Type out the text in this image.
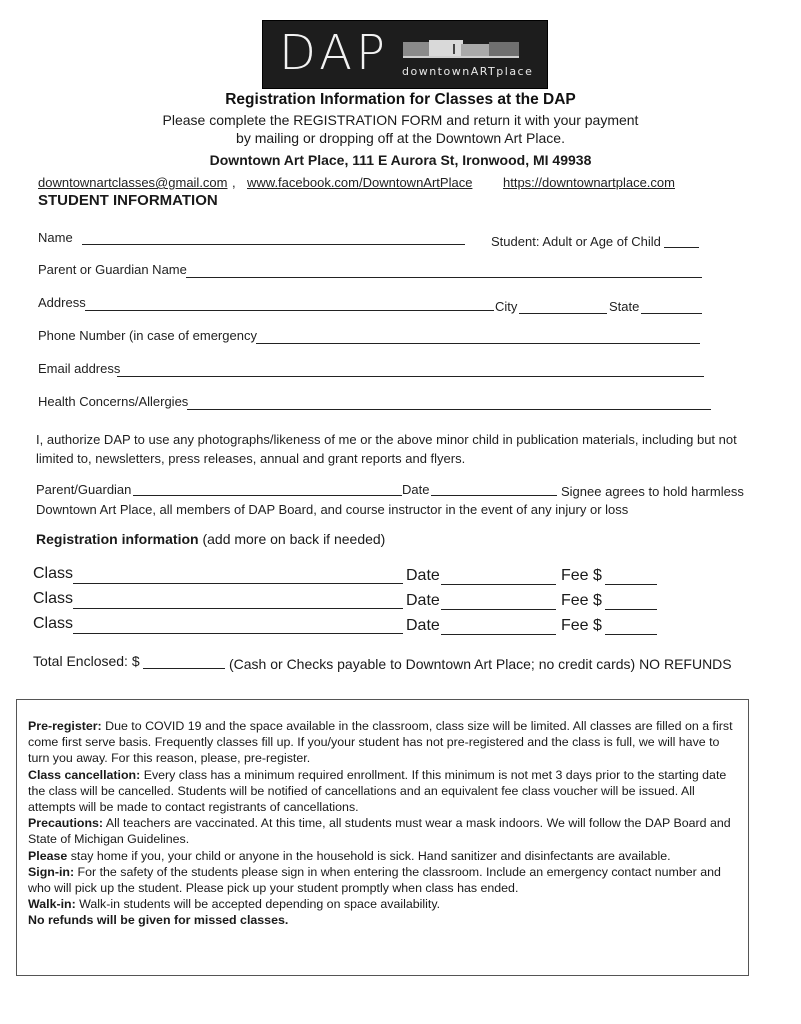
DAP downtownARTplace
Registration Information for Classes at the DAP
Please complete the REGISTRATION FORM and return it with your payment
by mailing or dropping off at the Downtown Art Place.
Downtown Art Place, 111 E Aurora St, Ironwood, MI 49938
downtownartclasses@gmail.com , www.facebook.com/DowntownArtPlace https://downtownartplace.com
STUDENT INFORMATION
Name	Student: Adult or Age of Child
Parent or Guardian Name
Address	City	State
Phone Number (in case of emergency
Email address
Health Concerns/Allergies
I, authorize DAP to use any photographs/likeness of me or the above minor child in publication materials, including but not
limited to, newsletters, press releases, annual and grant reports and flyers.
Parent/Guardian	Date	Signee agrees to hold harmless
Downtown Art Place, all members of DAP Board, and course instructor in the event of any injury or loss
Registration information (add more on back if needed)
Class	Date	Fee $
Class	Date	Fee $
Class	Date	Fee $
Total Enclosed: $	(Cash or Checks payable to Downtown Art Place; no credit cards) NO REFUNDS
Pre-register: Due to COVID 19 and the space available in the classroom, class size will be limited. All classes are filled on a first come first serve basis. Frequently classes fill up. If you/your student has not pre-registered and the class is full, we will have to turn you away. For this reason, please, pre-register.
Class cancellation: Every class has a minimum required enrollment. If this minimum is not met 3 days prior to the starting date the class will be cancelled. Students will be notified of cancellations and an equivalent fee class voucher will be issued. All attempts will be made to contact registrants of cancellations.
Precautions: All teachers are vaccinated. At this time, all students must wear a mask indoors. We will follow the DAP Board and State of Michigan Guidelines.
Please stay home if you, your child or anyone in the household is sick. Hand sanitizer and disinfectants are available.
Sign-in: For the safety of the students please sign in when entering the classroom. Include an emergency contact number and who will pick up the student. Please pick up your student promptly when class has ended.
Walk-in: Walk-in students will be accepted depending on space availability.
No refunds will be given for missed classes.
